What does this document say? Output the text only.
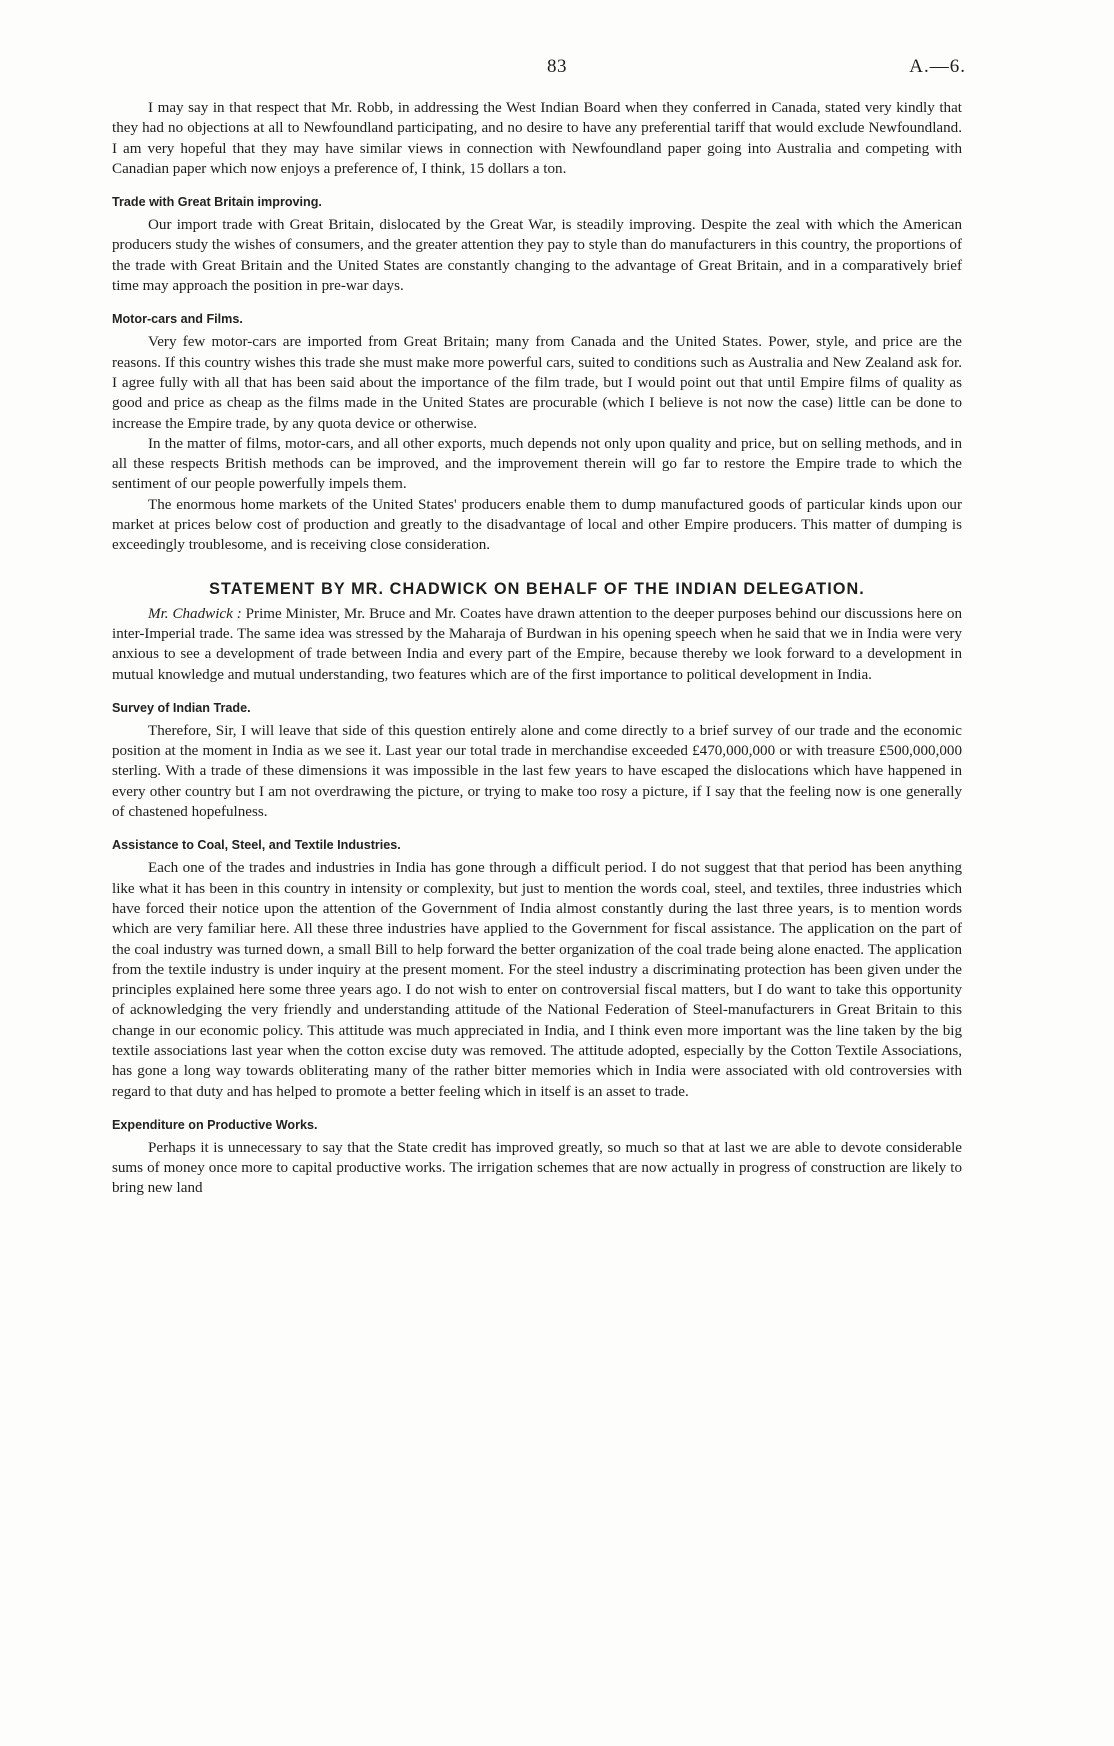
83	A.—6.

I may say in that respect that Mr. Robb, in addressing the West Indian Board when they conferred in Canada, stated very kindly that they had no objections at all to Newfoundland participating, and no desire to have any preferential tariff that would exclude Newfoundland. I am very hopeful that they may have similar views in connection with Newfoundland paper going into Australia and competing with Canadian paper which now enjoys a preference of, I think, 15 dollars a ton.

Trade with Great Britain improving.

Our import trade with Great Britain, dislocated by the Great War, is steadily improving. Despite the zeal with which the American producers study the wishes of consumers, and the greater attention they pay to style than do manufacturers in this country, the proportions of the trade with Great Britain and the United States are constantly changing to the advantage of Great Britain, and in a comparatively brief time may approach the position in pre-war days.

Motor-cars and Films.

Very few motor-cars are imported from Great Britain; many from Canada and the United States. Power, style, and price are the reasons. If this country wishes this trade she must make more powerful cars, suited to conditions such as Australia and New Zealand ask for. I agree fully with all that has been said about the importance of the film trade, but I would point out that until Empire films of quality as good and price as cheap as the films made in the United States are procurable (which I believe is not now the case) little can be done to increase the Empire trade, by any quota device or otherwise.

In the matter of films, motor-cars, and all other exports, much depends not only upon quality and price, but on selling methods, and in all these respects British methods can be improved, and the improvement therein will go far to restore the Empire trade to which the sentiment of our people powerfully impels them.

The enormous home markets of the United States' producers enable them to dump manufactured goods of particular kinds upon our market at prices below cost of production and greatly to the disadvantage of local and other Empire producers. This matter of dumping is exceedingly troublesome, and is receiving close consideration.

STATEMENT BY MR. CHADWICK ON BEHALF OF THE INDIAN DELEGATION.

Mr. Chadwick : Prime Minister, Mr. Bruce and Mr. Coates have drawn attention to the deeper purposes behind our discussions here on inter-Imperial trade. The same idea was stressed by the Maharaja of Burdwan in his opening speech when he said that we in India were very anxious to see a development of trade between India and every part of the Empire, because thereby we look forward to a development in mutual knowledge and mutual understanding, two features which are of the first importance to political development in India.

Survey of Indian Trade.

Therefore, Sir, I will leave that side of this question entirely alone and come directly to a brief survey of our trade and the economic position at the moment in India as we see it. Last year our total trade in merchandise exceeded £470,000,000 or with treasure £500,000,000 sterling. With a trade of these dimensions it was impossible in the last few years to have escaped the dislocations which have happened in every other country but I am not overdrawing the picture, or trying to make too rosy a picture, if I say that the feeling now is one generally of chastened hopefulness.

Assistance to Coal, Steel, and Textile Industries.

Each one of the trades and industries in India has gone through a difficult period. I do not suggest that that period has been anything like what it has been in this country in intensity or complexity, but just to mention the words coal, steel, and textiles, three industries which have forced their notice upon the attention of the Government of India almost constantly during the last three years, is to mention words which are very familiar here. All these three industries have applied to the Government for fiscal assistance. The application on the part of the coal industry was turned down, a small Bill to help forward the better organization of the coal trade being alone enacted. The application from the textile industry is under inquiry at the present moment. For the steel industry a discriminating protection has been given under the principles explained here some three years ago. I do not wish to enter on controversial fiscal matters, but I do want to take this opportunity of acknowledging the very friendly and understanding attitude of the National Federation of Steel-manufacturers in Great Britain to this change in our economic policy. This attitude was much appreciated in India, and I think even more important was the line taken by the big textile associations last year when the cotton excise duty was removed. The attitude adopted, especially by the Cotton Textile Associations, has gone a long way towards obliterating many of the rather bitter memories which in India were associated with old controversies with regard to that duty and has helped to promote a better feeling which in itself is an asset to trade.

Expenditure on Productive Works.

Perhaps it is unnecessary to say that the State credit has improved greatly, so much so that at last we are able to devote considerable sums of money once more to capital productive works. The irrigation schemes that are now actually in progress of construction are likely to bring new land
